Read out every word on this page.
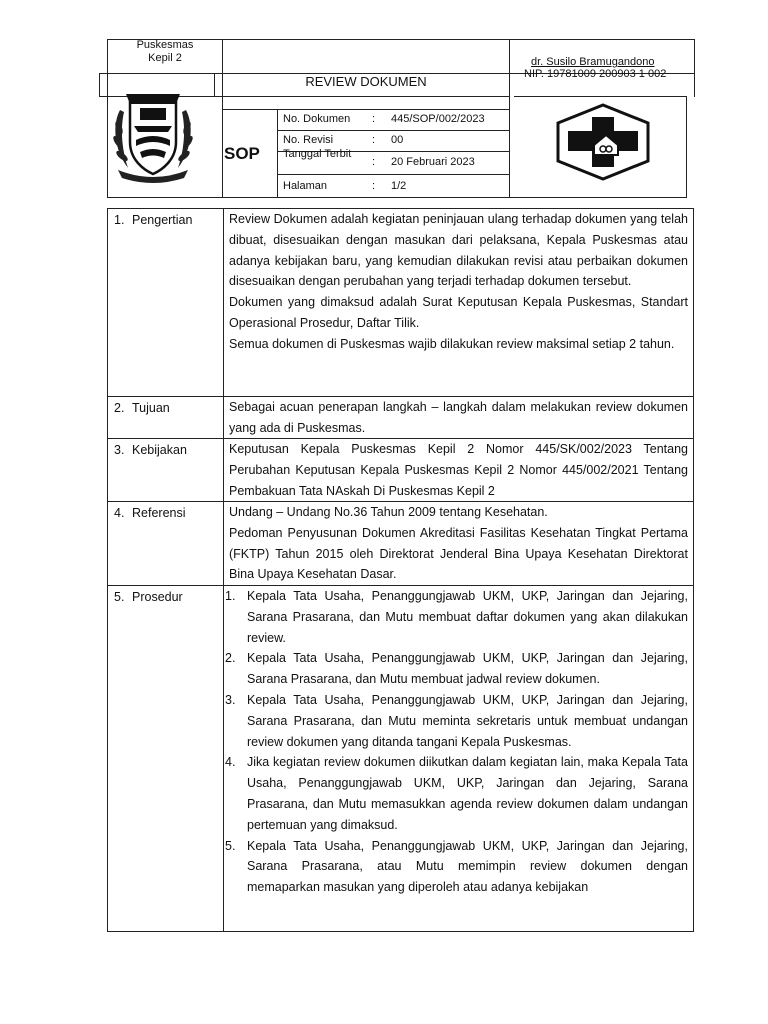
Puskesmas
Kepil 2
REVIEW DOKUMEN
dr. Susilo Bramugandono
NIP. 19781009 200903 1 002
SOP
No. Dokumen : 445/SOP/002/2023
No. Revisi	: 00
Tanggal Terbit
: 20 Februari 2023
Halaman	: 1/2
1. Pengertian	Review Dokumen adalah kegiatan peninjauan ulang terhadap dokumen yang telah dibuat, disesuaikan dengan masukan dari pelaksana, Kepala Puskesmas atau adanya kebijakan baru, yang kemudian dilakukan revisi atau perbaikan dokumen disesuaikan dengan perubahan yang terjadi terhadap dokumen tersebut.

Dokumen yang dimaksud adalah Surat Keputusan Kepala Puskesmas, Standart Operasional Prosedur, Daftar Tilik.

Semua dokumen di Puskesmas wajib dilakukan review maksimal setiap 2 tahun.

2. Tujuan	Sebagai acuan penerapan langkah – langkah dalam melakukan review dokumen yang ada di Puskesmas.

3. Kebijakan	Keputusan Kepala Puskesmas Kepil 2 Nomor 445/SK/002/2023 Tentang Perubahan Keputusan Kepala Puskesmas Kepil 2 Nomor 445/002/2021 Tentang Pembakuan Tata NAskah Di Puskesmas Kepil 2

4. Referensi	Undang – Undang No.36 Tahun 2009 tentang Kesehatan.

Pedoman Penyusunan Dokumen Akreditasi Fasilitas Kesehatan Tingkat Pertama (FKTP) Tahun 2015 oleh Direktorat Jenderal Bina Upaya Kesehatan Direktorat Bina Upaya Kesehatan Dasar.

5. Prosedur	1. Kepala Tata Usaha, Penanggungjawab UKM, UKP, Jaringan dan Jejaring, Sarana Prasarana, dan Mutu membuat daftar dokumen yang akan dilakukan review.
2. Kepala Tata Usaha, Penanggungjawab UKM, UKP, Jaringan dan Jejaring, Sarana Prasarana, dan Mutu membuat jadwal review dokumen.
3. Kepala Tata Usaha, Penanggungjawab UKM, UKP, Jaringan dan Jejaring, Sarana Prasarana, dan Mutu meminta sekretaris untuk membuat undangan review dokumen yang ditanda tangani Kepala Puskesmas.
4. Jika kegiatan review dokumen diikutkan dalam kegiatan lain, maka Kepala Tata Usaha, Penanggungjawab UKM, UKP, Jaringan dan Jejaring, Sarana Prasarana, dan Mutu memasukkan agenda review dokumen dalam undangan pertemuan yang dimaksud.
5. Kepala Tata Usaha, Penanggungjawab UKM, UKP, Jaringan dan Jejaring, Sarana Prasarana, atau Mutu memimpin review dokumen dengan memaparkan masukan yang diperoleh atau adanya kebijakan
